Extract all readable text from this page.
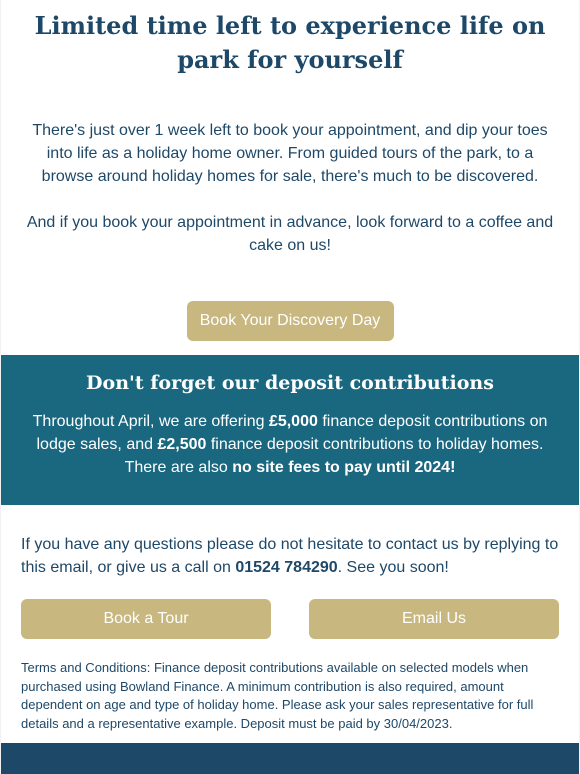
Limited time left to experience life on park for yourself

There's just over 1 week left to book your appointment, and dip your toes into life as a holiday home owner. From guided tours of the park, to a browse around holiday homes for sale, there's much to be discovered.

And if you book your appointment in advance, look forward to a coffee and cake on us!

Book Your Discovery Day
Don't forget our deposit contributions

Throughout April, we are offering £5,000 finance deposit contributions on lodge sales, and £2,500 finance deposit contributions to holiday homes. There are also no site fees to pay until 2024!

If you have any questions please do not hesitate to contact us by replying to this email, or give us a call on 01524 784290. See you soon!

Book a Tour	Email Us

Terms and Conditions: Finance deposit contributions available on selected models when purchased using Bowland Finance. A minimum contribution is also required, amount dependent on age and type of holiday home. Please ask your sales representative for full details and a representative example. Deposit must be paid by 30/04/2023.
